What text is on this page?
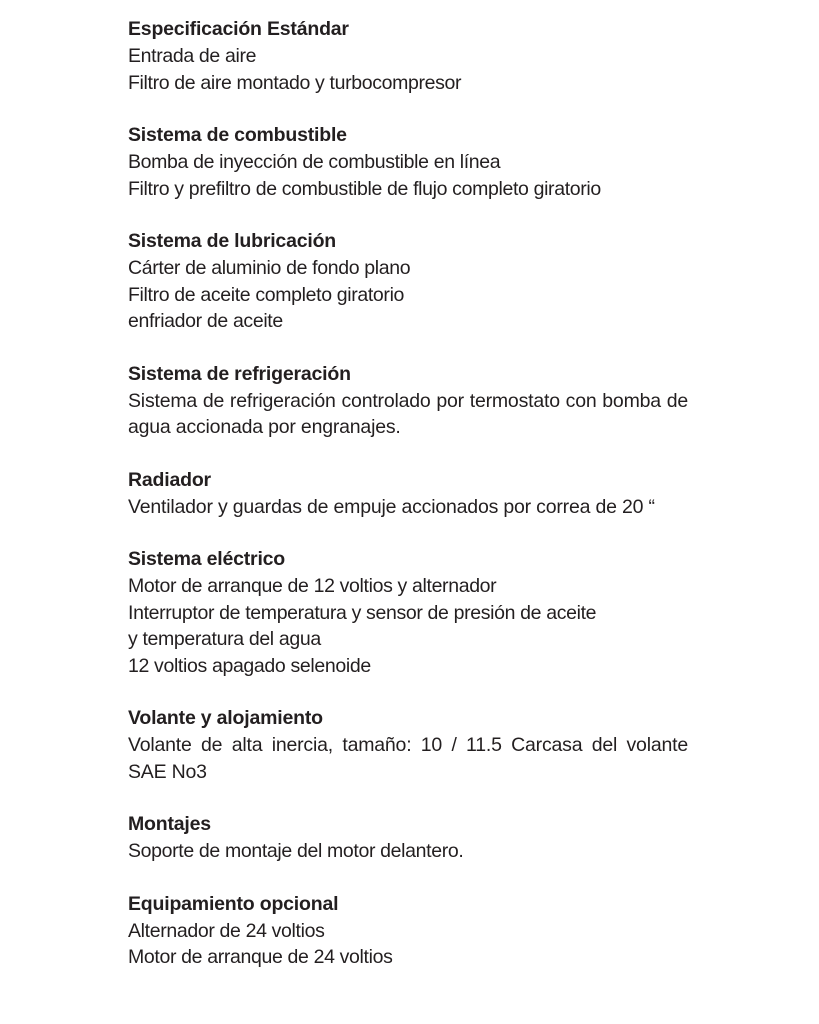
Especificación Estándar

Entrada de aire

Filtro de aire montado y turbocompresor

Sistema de combustible

Bomba de inyección de combustible en línea

Filtro y prefiltro de combustible de flujo completo giratorio

Sistema de lubricación

Cárter de aluminio de fondo plano

Filtro de aceite completo giratorio

enfriador de aceite

Sistema de refrigeración

Sistema de refrigeración controlado por termostato con bomba de agua accionada por engranajes.

Radiador

Ventilador y guardas de empuje accionados por correa de 20 “

Sistema eléctrico

Motor de arranque de 12 voltios y alternador

Interruptor de temperatura y sensor de presión de aceite

y temperatura del agua

12 voltios apagado selenoide

Volante y alojamiento

Volante de alta inercia, tamaño: 10 / 11.5 Carcasa del volante SAE No3

Montajes

Soporte de montaje del motor delantero.

Equipamiento opcional

Alternador de 24 voltios

Motor de arranque de 24 voltios
